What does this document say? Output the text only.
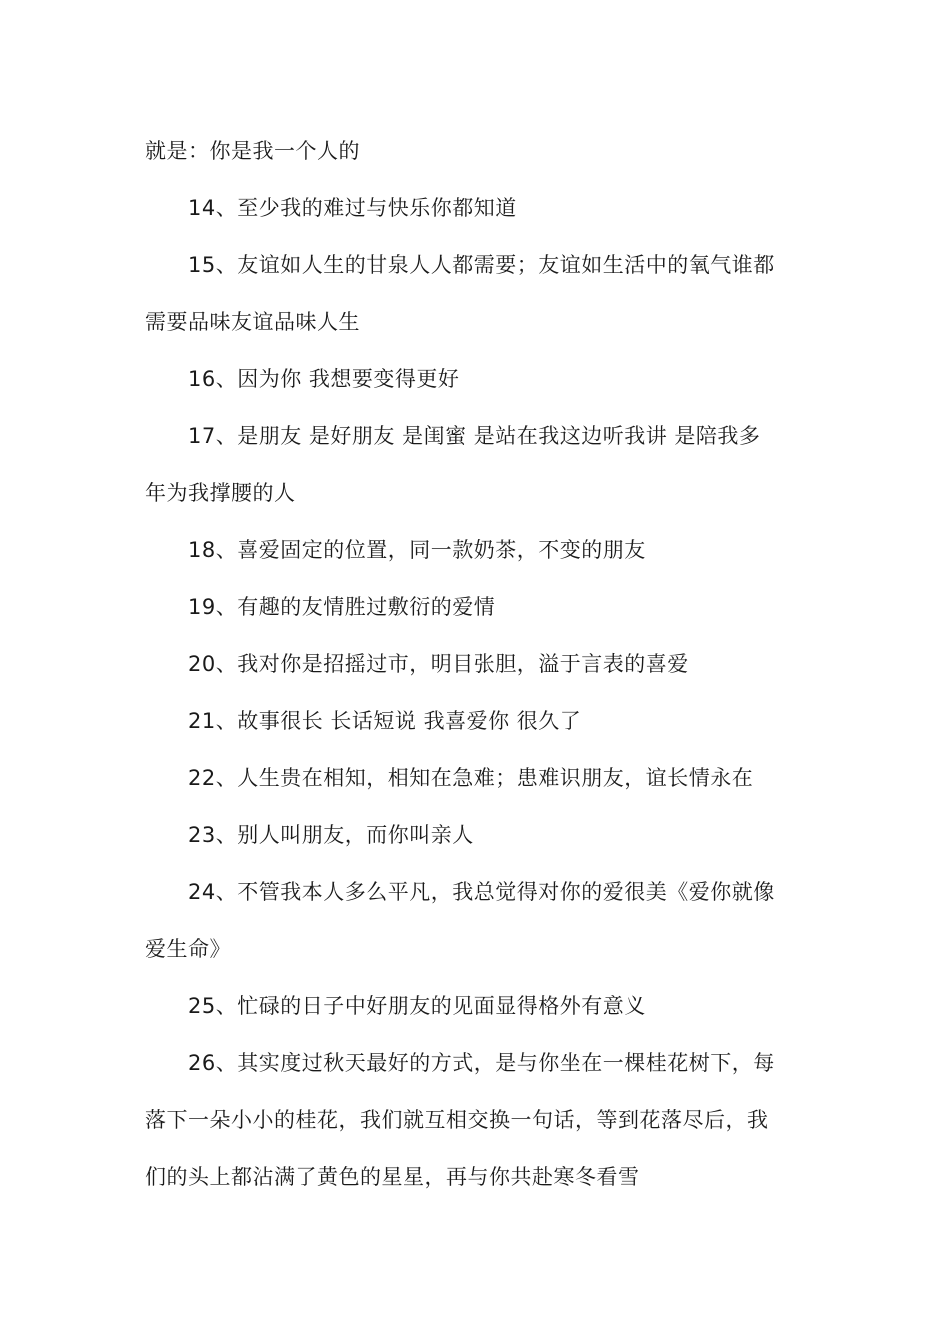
就是：你是我一个人的
14、至少我的难过与快乐你都知道
15、友谊如人生的甘泉人人都需要；友谊如生活中的氧气谁都
需要品味友谊品味人生
16、因为你 我想要变得更好
17、是朋友 是好朋友 是闺蜜 是站在我这边听我讲 是陪我多
年为我撑腰的人
18、喜爱固定的位置，同一款奶茶，不变的朋友
19、有趣的友情胜过敷衍的爱情
20、我对你是招摇过市，明目张胆，溢于言表的喜爱
21、故事很长 长话短说 我喜爱你 很久了
22、人生贵在相知，相知在急难；患难识朋友，谊长情永在
23、别人叫朋友，而你叫亲人
24、不管我本人多么平凡，我总觉得对你的爱很美《爱你就像
爱生命》
25、忙碌的日子中好朋友的见面显得格外有意义
26、其实度过秋天最好的方式，是与你坐在一棵桂花树下，每
落下一朵小小的桂花，我们就互相交换一句话，等到花落尽后，我
们的头上都沾满了黄色的星星，再与你共赴寒冬看雪
